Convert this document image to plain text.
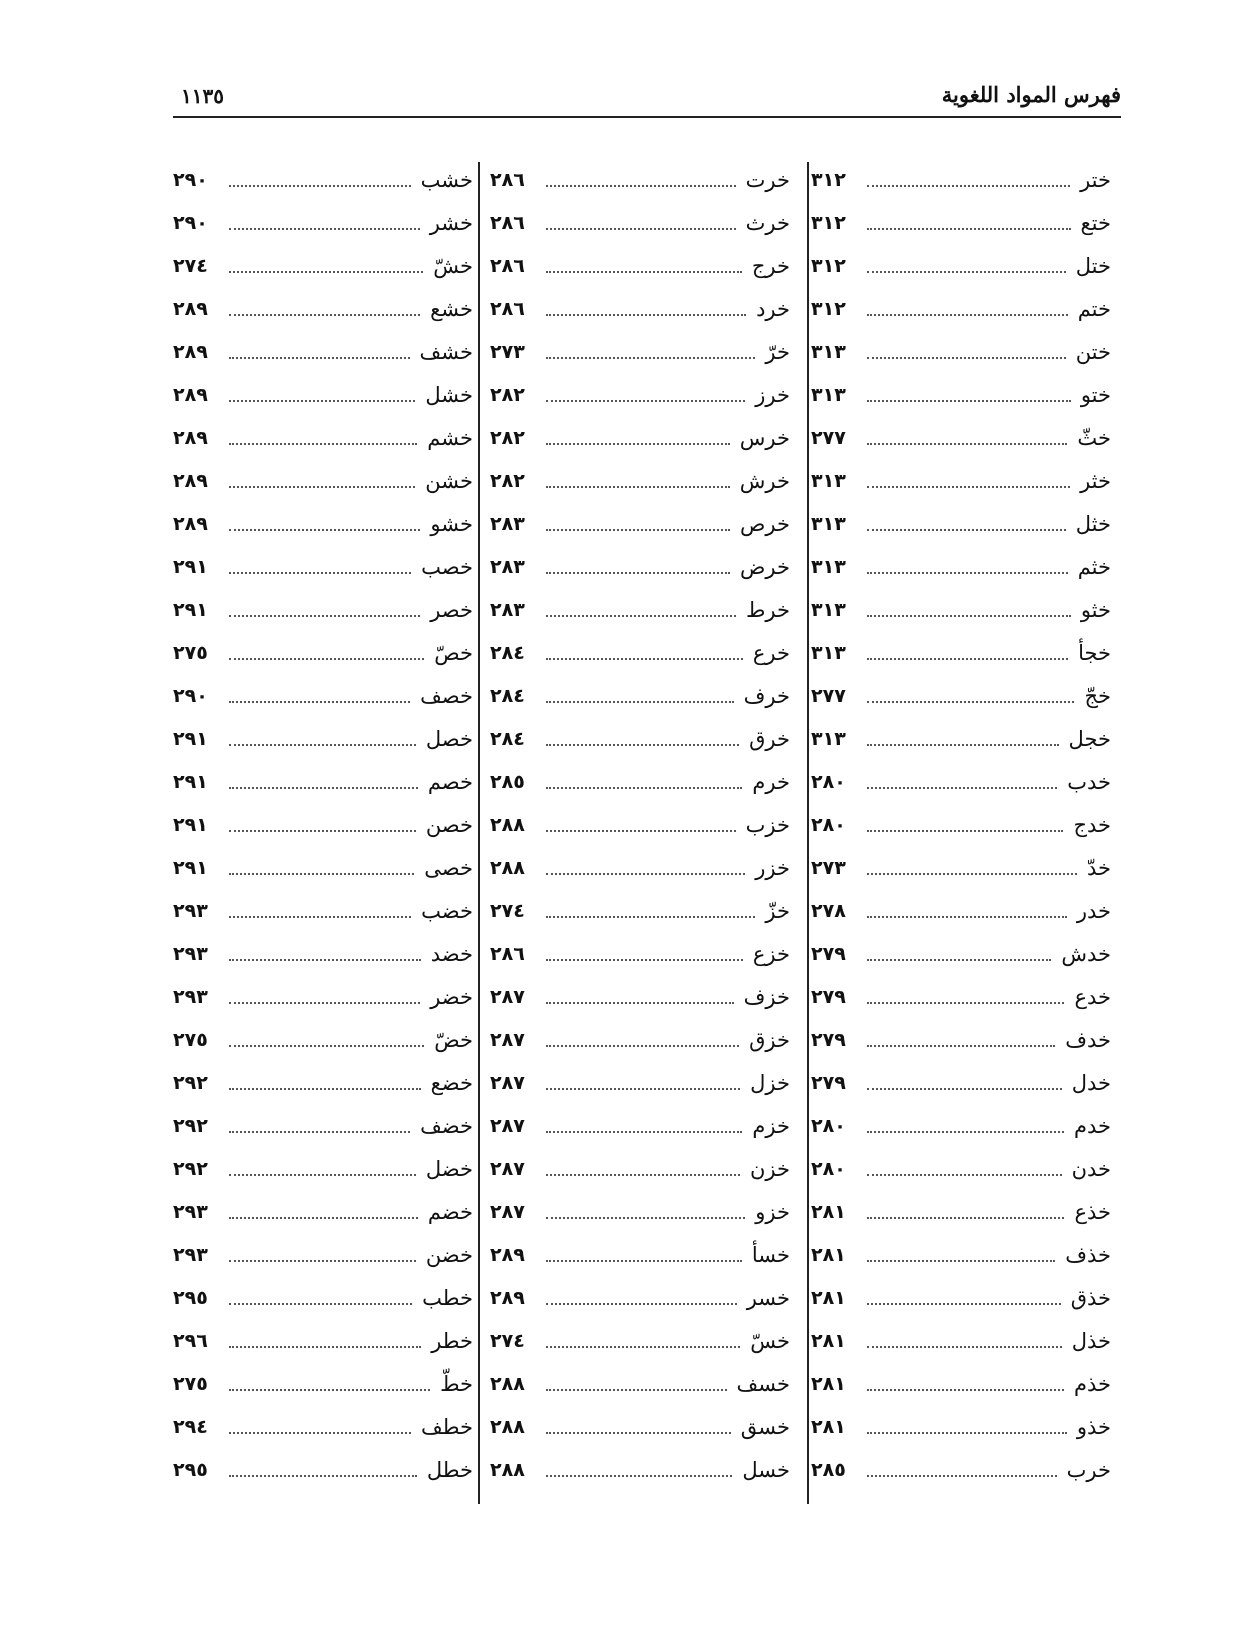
فهرس المواد اللغوية
١١٣٥
ختر
٣١٢
ختع
٣١٢
ختل
٣١٢
ختم
٣١٢
ختن
٣١٣
ختو
٣١٣
خثّ
٢٧٧
خثر
٣١٣
خثل
٣١٣
خثم
٣١٣
خثو
٣١٣
خجأ
٣١٣
خجّ
٢٧٧
خجل
٣١٣
خدب
٢٨٠
خدج
٢٨٠
خدّ
٢٧٣
خدر
٢٧٨
خدش
٢٧٩
خدع
٢٧٩
خدف
٢٧٩
خدل
٢٧٩
خدم
٢٨٠
خدن
٢٨٠
خذع
٢٨١
خذف
٢٨١
خذق
٢٨١
خذل
٢٨١
خذم
٢٨١
خذو
٢٨١
خرب
٢٨٥
خرت
٢٨٦
خرث
٢٨٦
خرج
٢٨٦
خرد
٢٨٦
خرّ
٢٧٣
خرز
٢٨٢
خرس
٢٨٢
خرش
٢٨٢
خرص
٢٨٣
خرض
٢٨٣
خرط
٢٨٣
خرع
٢٨٤
خرف
٢٨٤
خرق
٢٨٤
خرم
٢٨٥
خزب
٢٨٨
خزر
٢٨٨
خزّ
٢٧٤
خزع
٢٨٦
خزف
٢٨٧
خزق
٢٨٧
خزل
٢٨٧
خزم
٢٨٧
خزن
٢٨٧
خزو
٢٨٧
خسأ
٢٨٩
خسر
٢٨٩
خسّ
٢٧٤
خسف
٢٨٨
خسق
٢٨٨
خسل
٢٨٨
خشب
٢٩٠
خشر
٢٩٠
خشّ
٢٧٤
خشع
٢٨٩
خشف
٢٨٩
خشل
٢٨٩
خشم
٢٨٩
خشن
٢٨٩
خشو
٢٨٩
خصب
٢٩١
خصر
٢٩١
خصّ
٢٧٥
خصف
٢٩٠
خصل
٢٩١
خصم
٢٩١
خصن
٢٩١
خصى
٢٩١
خضب
٢٩٣
خضد
٢٩٣
خضر
٢٩٣
خضّ
٢٧٥
خضع
٢٩٢
خضف
٢٩٢
خضل
٢٩٢
خضم
٢٩٣
خضن
٢٩٣
خطب
٢٩٥
خطر
٢٩٦
خطّ
٢٧٥
خطف
٢٩٤
خطل
٢٩٥
